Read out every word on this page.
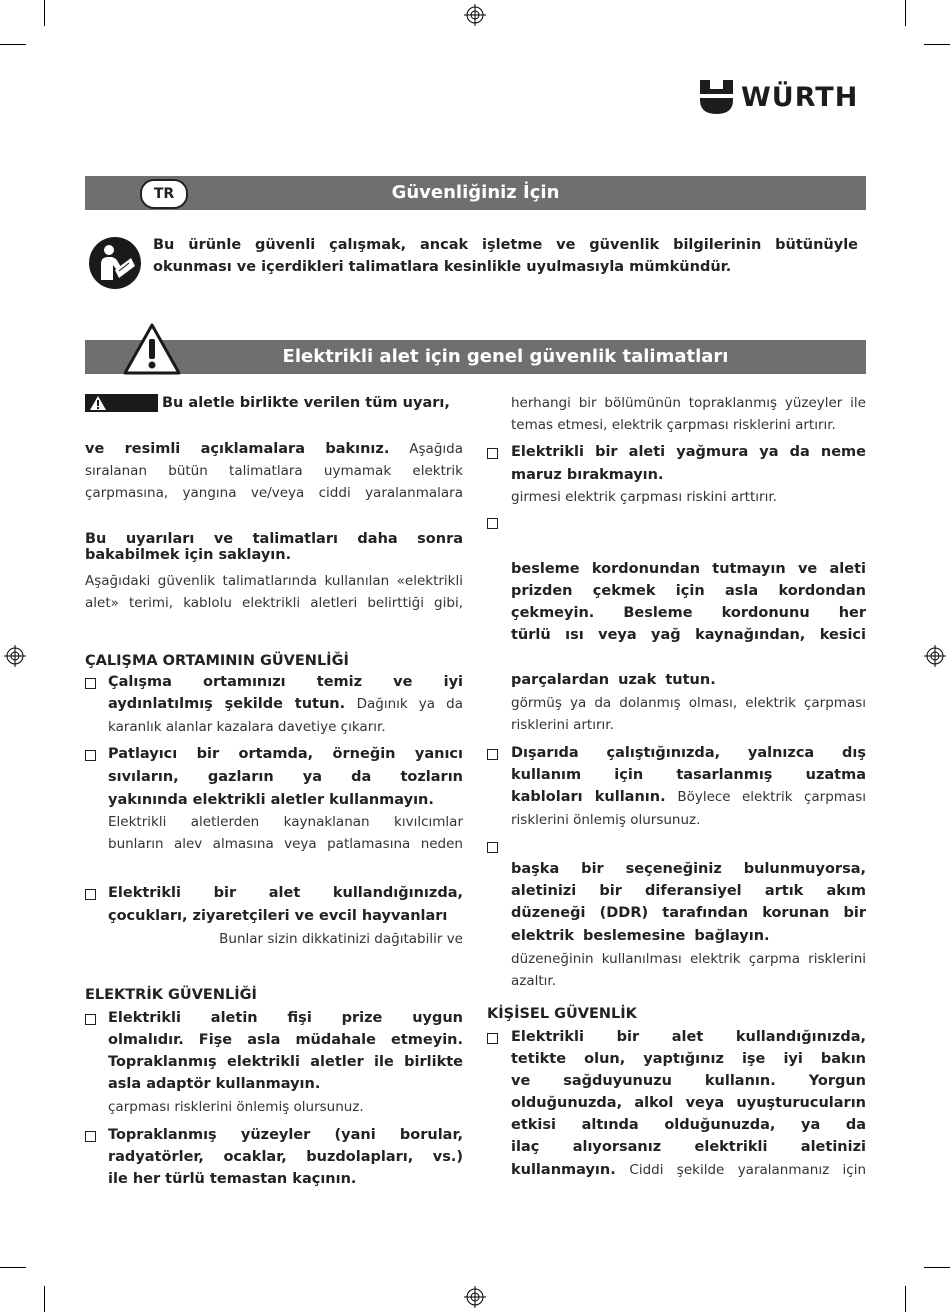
WÜRTH
Güvenliğiniz İçin
TR
Bu ürünle güvenli çalışmak, ancak işletme ve güvenlik bilgilerinin bütünüyle okunması ve içerdikleri talimatlara kesinlikle uyulmasıyla mümkündür.
Elektrikli alet için genel güvenlik talimatları
Bu aletle birlikte verilen tüm uyarı,
ve resimli açıklamalara bakınız. Aşağıda
sıralanan bütün talimatlara uymamak elektrik
çarpmasına, yangına ve/veya ciddi yaralanmalara
Bu uyarıları ve talimatları daha sonra
bakabilmek için saklayın.
Aşağıdaki güvenlik talimatlarında kullanılan «elektrikli
alet» terimi, kablolu elektrikli aletleri belirttiği gibi,
ÇALIŞMA ORTAMININ GÜVENLİĞİ
Çalışma ortamınızı temiz ve iyi
aydınlatılmış şekilde tutun. Dağınık ya da
karanlık alanlar kazalara davetiye çıkarır.
Patlayıcı bir ortamda, örneğin yanıcı
sıvıların, gazların ya da tozların
yakınında elektrikli aletler kullanmayın.
Elektrikli aletlerden kaynaklanan kıvılcımlar
bunların alev almasına veya patlamasına neden
Elektrikli bir alet kullandığınızda,
çocukları, ziyaretçileri ve evcil hayvanları
Bunlar sizin dikkatinizi dağıtabilir ve
ELEKTRİK GÜVENLİĞİ
Elektrikli aletin fişi prize uygun
olmalıdır. Fişe asla müdahale etmeyin.
Topraklanmış elektrikli aletler ile birlikte
asla adaptör kullanmayın.
çarpması risklerini önlemiş olursunuz.
Topraklanmış yüzeyler (yani borular,
radyatörler, ocaklar, buzdolapları, vs.)
ile her türlü temastan kaçının.
herhangi bir bölümünün topraklanmış yüzeyler ile
temas etmesi, elektrik çarpması risklerini artırır.
Elektrikli bir aleti yağmura ya da neme
maruz bırakmayın.
girmesi elektrik çarpması riskini arttırır.
besleme kordonundan tutmayın ve aleti
prizden çekmek için asla kordondan
çekmeyin. Besleme kordonunu her
türlü ısı veya yağ kaynağından, kesici
parçalardan uzak tutun.
görmüş ya da dolanmış olması, elektrik çarpması
risklerini artırır.
Dışarıda çalıştığınızda, yalnızca dış
kullanım için tasarlanmış uzatma
kabloları kullanın. Böylece elektrik çarpması
risklerini önlemiş olursunuz.
başka bir seçeneğiniz bulunmuyorsa,
aletinizi bir diferansiyel artık akım
düzeneği (DDR) tarafından korunan bir
elektrik beslemesine bağlayın.
düzeneğinin kullanılması elektrik çarpma risklerini
azaltır.
KİŞİSEL GÜVENLİK
Elektrikli bir alet kullandığınızda,
tetikte olun, yaptığınız işe iyi bakın
ve sağduyunuzu kullanın. Yorgun
olduğunuzda, alkol veya uyuşturucuların
etkisi altında olduğunuzda, ya da
ilaç alıyorsanız elektrikli aletinizi
kullanmayın. Ciddi şekilde yaralanmanız için
